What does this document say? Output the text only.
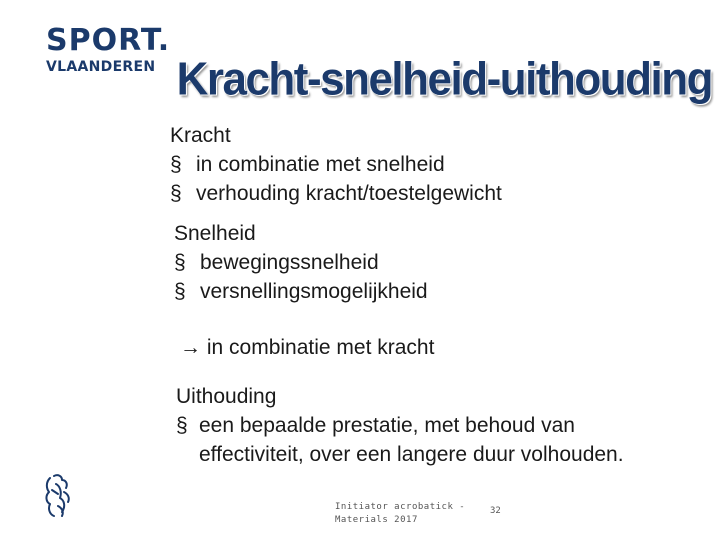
SPORT.
VLAANDEREN Kracht-snelheid-uithouding
Kracht
§ in combinatie met snelheid
§ verhouding kracht/toestelgewicht
Snelheid
§ bewegingssnelheid
§ versnellingsmogelijkheid
→ in combinatie met kracht
Uithouding
§ een bepaalde prestatie, met behoud van effectiviteit, over een langere duur volhouden.
Initiator acrobatick -
Materials 2017
32
